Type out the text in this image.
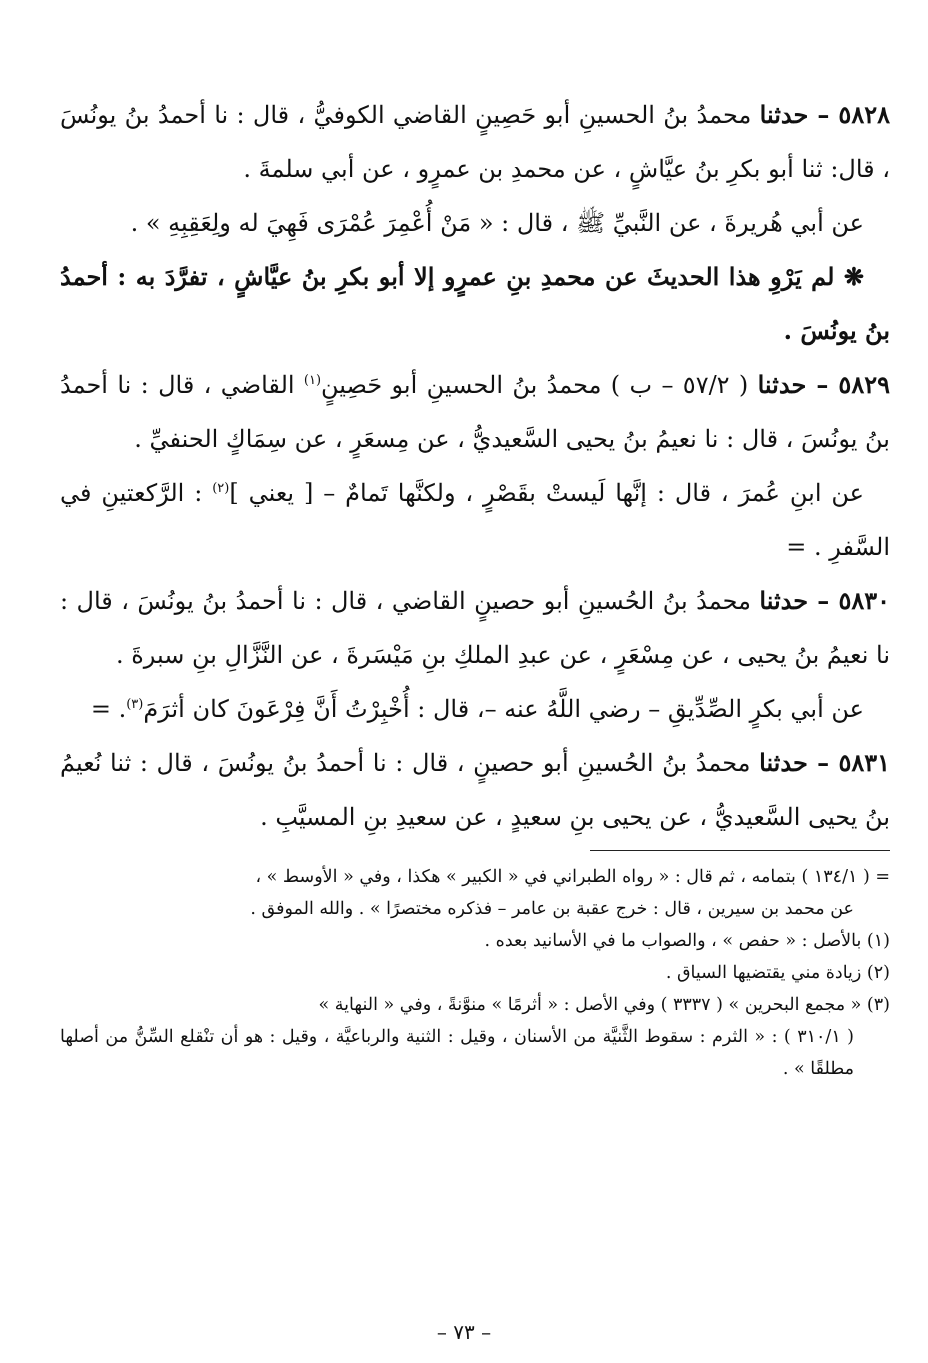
٥٨٢٨ – حدثنا محمدُ بنُ الحسينِ أبو حَصِينٍ القاضي الكوفيُّ ، قال : نا أحمدُ بنُ يونُسَ ، قال: ثنا أبو بكرِ بنُ عيَّاشٍ ، عن محمدِ بن عمرٍو ، عن أبي سلمةَ .

عن أبي هُريرةَ ، عن النَّبيِّ ﷺ ، قال : « مَنْ أُعْمِرَ عُمْرَى فَهِيَ له ولِعَقِبِهِ » .

❋ لم يَرْوِ هذا الحديثَ عن محمدِ بنِ عمرٍو إلا أبو بكرِ بنُ عيَّاشٍ ، تفرَّدَ به : أحمدُ بنُ يونُسَ .

٥٨٢٩ – حدثنا ( ٥٧/٢ – ب ) محمدُ بنُ الحسينِ أبو حَصِينٍ$^{(١)}$ القاضي ، قال : نا أحمدُ بنُ يونُسَ ، قال : نا نعيمُ بنُ يحيى السَّعيديُّ ، عن مِسعَرٍ ، عن سِمَاكٍ الحنفيِّ .

عن ابنِ عُمرَ ، قال : إنَّها لَيستْ بقَصْرٍ ، ولكنَّها تَمامٌ – [ يعني ]$^{(٢)}$ : الرَّكعتينِ في السَّفرِ . =

٥٨٣٠ – حدثنا محمدُ بنُ الحُسينِ أبو حصينٍ القاضي ، قال : نا أحمدُ بنُ يونُسَ ، قال : نا نعيمُ بنُ يحيى ، عن مِسْعَرٍ ، عن عبدِ الملكِ بنِ مَيْسَرةَ ، عن النَّزَّالِ بنِ سبرةَ .

عن أبي بكرٍ الصِّدِّيقِ – رضي اللَّهُ عنه –، قال : أُخْبِرْتُ أَنَّ فِرْعَونَ كان أثرَمَ$^{(٣)}$. =

٥٨٣١ – حدثنا محمدُ بنُ الحُسينِ أبو حصينٍ ، قال : نا أحمدُ بنُ يونُسَ ، قال : ثنا نُعيمُ بنُ يحيى السَّعيديُّ ، عن يحيى بنِ سعيدٍ ، عن سعيدِ بنِ المسيَّبِ .

= ( ١٣٤/١ ) بتمامه ، ثم قال : « رواه الطبراني في « الكبير » هكذا ، وفي « الأوسط » ،

عن محمد بن سيرين ، قال : خرج عقبة بن عامر – فذكره مختصرًا » . والله الموفق .

(١) بالأصل : « حفص » ، والصواب ما في الأسانيد بعده .

(٢) زيادة مني يقتضيها السياق .

(٣) « مجمع البحرين » ( ٣٣٣٧ ) وفي الأصل : « أثرمًا » منوَّنةً ، وفي « النهاية »

( ٣١٠/١ ) : « الثرم : سقوط الثَّنيَّة من الأسنان ، وقيل : الثنية والرباعيَّة ، وقيل : هو أن تنْقلع السِّنُّ من أصلها مطلقًا » .

– ٧٣ –
